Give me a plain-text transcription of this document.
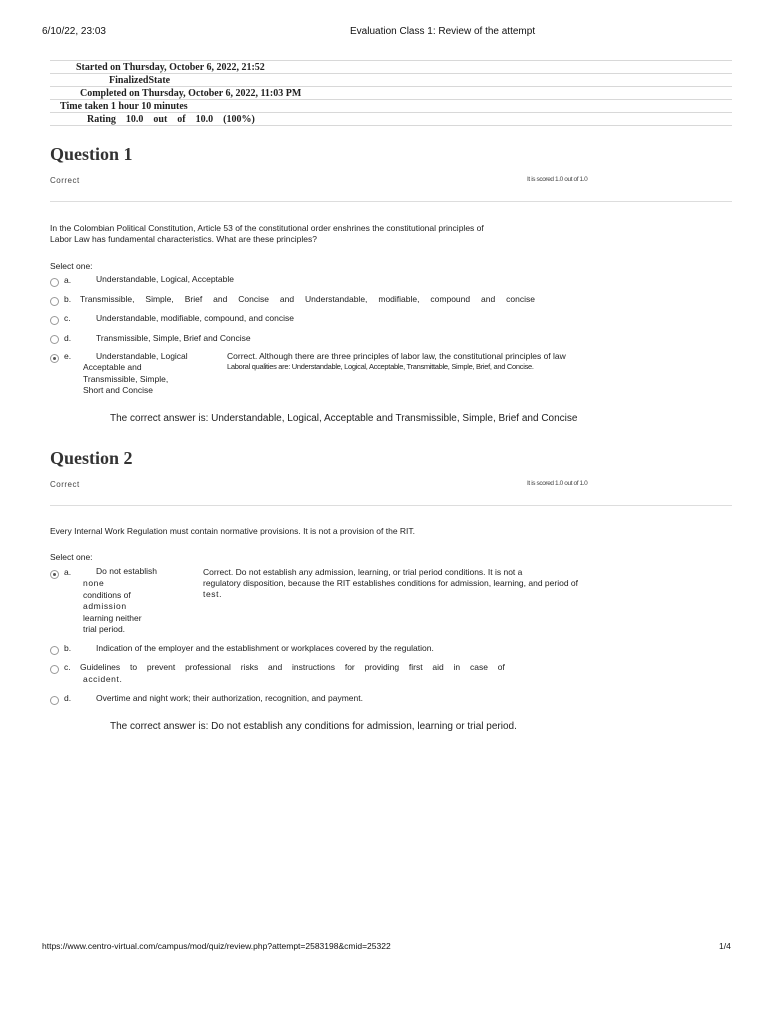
6/10/22, 23:03	Evaluation Class 1: Review of the attempt
Started on Thursday, October 6, 2022, 21:52
FinalizedState
Completed on Thursday, October 6, 2022, 11:03 PM
Time taken 1 hour 10 minutes
Rating    10.0    out    of    10.0    (100%)
Question 1
Correct	It is scored 1.0 out of 1.0
In the Colombian Political Constitution, Article 53 of the constitutional order enshrines the constitutional principles of
Labor Law has fundamental characteristics. What are these principles?
Select one:
a.	Understandable, Logical, Acceptable
b. Transmissible, Simple, Brief and Concise and Understandable, modifiable, compound and concise
c.	Understandable, modifiable, compound, and concise
d.	Transmissible, Simple, Brief and Concise
e.	Understandable, Logical
Acceptable and
Transmissible, Simple,
Short and Concise
Correct. Although there are three principles of labor law, the constitutional principles of law
Laboral qualities are: Understandable, Logical, Acceptable, Transmittable, Simple, Brief, and Concise.
The correct answer is: Understandable, Logical, Acceptable and Transmissible, Simple, Brief and Concise
Question 2
Correct	It is scored 1.0 out of 1.0
Every Internal Work Regulation must contain normative provisions. It is not a provision of the RIT.
Select one:
a.	Do not establish
none
conditions of
admission
learning neither
trial period.
Correct. Do not establish any admission, learning, or trial period conditions. It is not a
regulatory disposition, because the RIT establishes conditions for admission, learning, and period of
test.
b.	Indication of the employer and the establishment or workplaces covered by the regulation.
c. Guidelines to prevent professional risks and instructions for providing first aid in case of
accident.
d.	Overtime and night work; their authorization, recognition, and payment.
The correct answer is: Do not establish any conditions for admission, learning or trial period.
https://www.centro-virtual.com/campus/mod/quiz/review.php?attempt=2583198&cmid=25322	1/4
